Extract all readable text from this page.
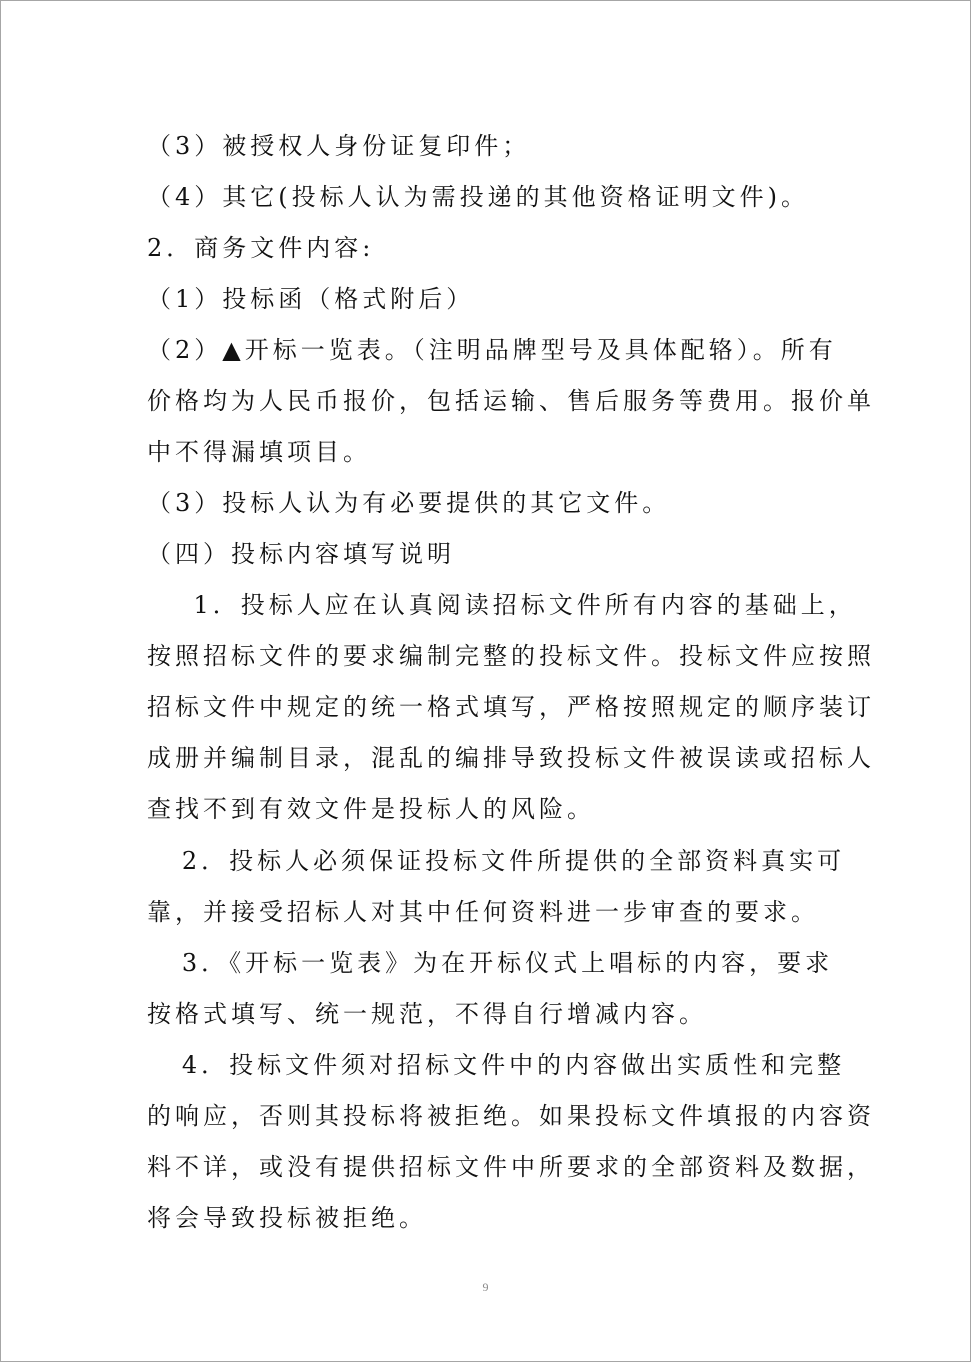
（3）被授权人身份证复印件；
（4）其它(投标人认为需投递的其他资格证明文件)。
2．商务文件内容:
（1）投标函（格式附后）
（2）▲开标一览表。（注明品牌型号及具体配辂）。所有
价格均为人民币报价，包括运输、售后服务等费用。报价单
中不得漏填项目。
（3）投标人认为有必要提供的其它文件。
（四）投标内容填写说明
1．投标人应在认真阅读招标文件所有内容的基础上，
按照招标文件的要求编制完整的投标文件。投标文件应按照
招标文件中规定的统一格式填写，严格按照规定的顺序装订
成册并编制目录，混乱的编排导致投标文件被误读或招标人
查找不到有效文件是投标人的风险。
2．投标人必须保证投标文件所提供的全部资料真实可
靠，并接受招标人对其中任何资料进一步审查的要求。
3．《开标一览表》为在开标仪式上唱标的内容，要求
按格式填写、统一规范，不得自行增减内容。
4．投标文件须对招标文件中的内容做出实质性和完整
的响应，否则其投标将被拒绝。如果投标文件填报的内容资
料不详，或没有提供招标文件中所要求的全部资料及数据，
将会导致投标被拒绝。
9
